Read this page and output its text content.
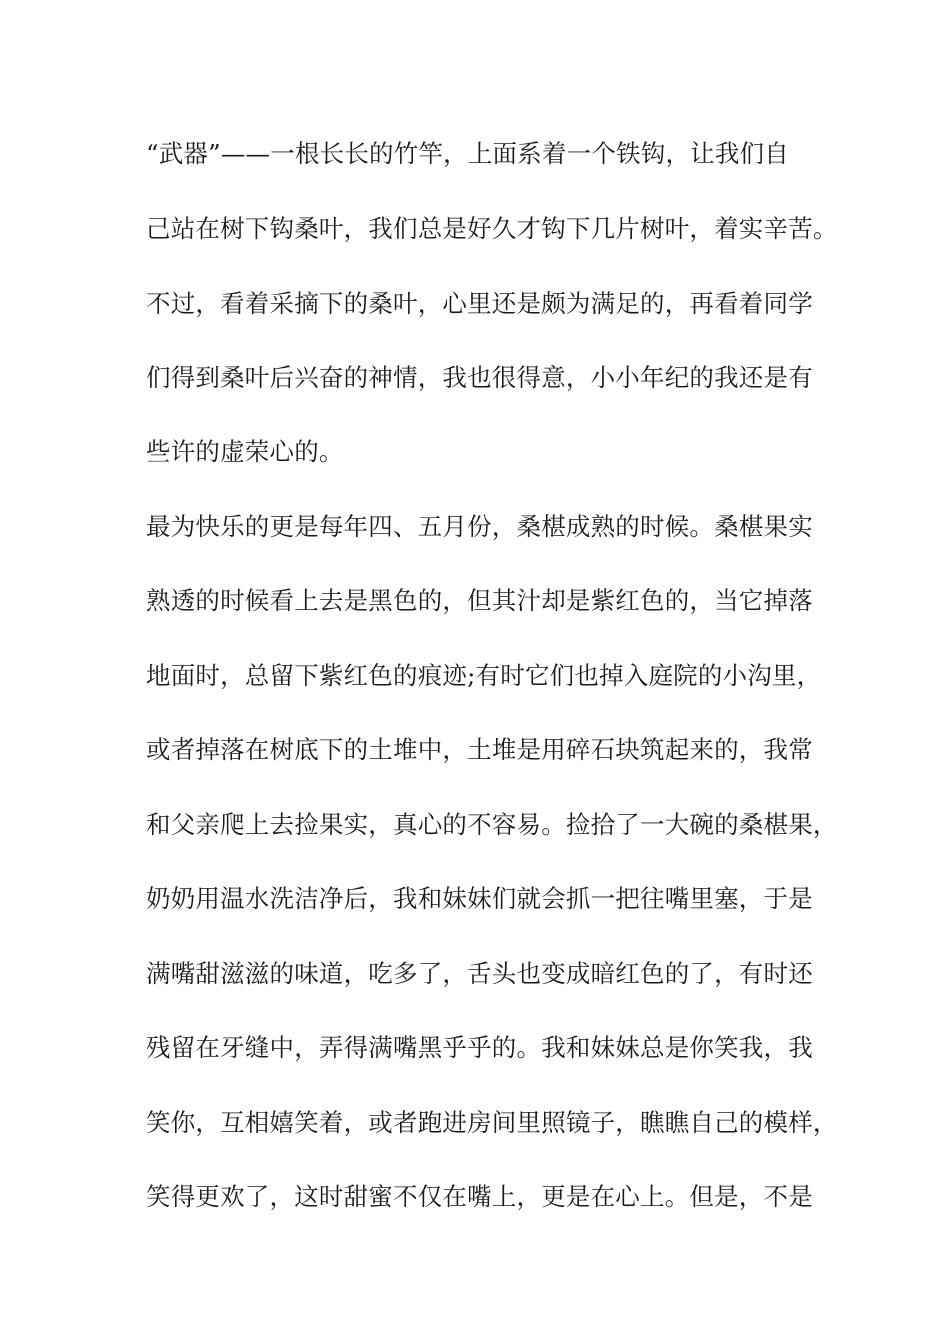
“武器”——一根长长的竹竿，上面系着一个铁钩，让我们自
己站在树下钩桑叶，我们总是好久才钩下几片树叶，着实辛苦。
不过，看着采摘下的桑叶，心里还是颇为满足的，再看着同学
们得到桑叶后兴奋的神情，我也很得意，小小年纪的我还是有
些许的虚荣心的。
最为快乐的更是每年四、五月份，桑椹成熟的时候。桑椹果实
熟透的时候看上去是黑色的，但其汁却是紫红色的，当它掉落
地面时，总留下紫红色的痕迹;有时它们也掉入庭院的小沟里，
或者掉落在树底下的土堆中，土堆是用碎石块筑起来的，我常
和父亲爬上去捡果实，真心的不容易。捡拾了一大碗的桑椹果，
奶奶用温水洗洁净后，我和妹妹们就会抓一把往嘴里塞，于是
满嘴甜滋滋的味道，吃多了，舌头也变成暗红色的了，有时还
残留在牙缝中，弄得满嘴黑乎乎的。我和妹妹总是你笑我，我
笑你，互相嬉笑着，或者跑进房间里照镜子，瞧瞧自己的模样，
笑得更欢了，这时甜蜜不仅在嘴上，更是在心上。但是，不是
